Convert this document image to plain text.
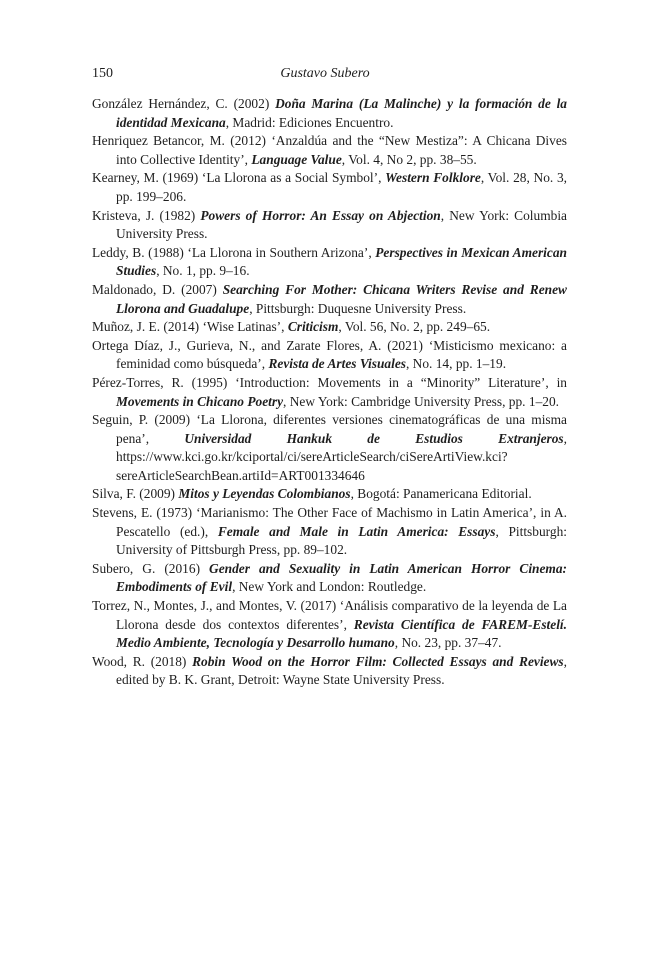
150	Gustavo Subero

González Hernández, C. (2002) Doña Marina (La Malinche) y la formación de la identidad Mexicana, Madrid: Ediciones Encuentro.

Henriquez Betancor, M. (2012) ‘Anzaldúa and the “New Mestiza”: A Chicana Dives into Collective Identity’, Language Value, Vol. 4, No 2, pp. 38–55.

Kearney, M. (1969) ‘La Llorona as a Social Symbol’, Western Folklore, Vol. 28, No. 3, pp. 199–206.

Kristeva, J. (1982) Powers of Horror: An Essay on Abjection, New York: Columbia University Press.

Leddy, B. (1988) ‘La Llorona in Southern Arizona’, Perspectives in Mexican American Studies, No. 1, pp. 9–16.

Maldonado, D. (2007) Searching For Mother: Chicana Writers Revise and Renew Llorona and Guadalupe, Pittsburgh: Duquesne University Press.

Muñoz, J. E. (2014) ‘Wise Latinas’, Criticism, Vol. 56, No. 2, pp. 249–65.

Ortega Díaz, J., Gurieva, N., and Zarate Flores, A. (2021) ‘Misticismo mexicano: a feminidad como búsqueda’, Revista de Artes Visuales, No. 14, pp. 1–19.

Pérez-Torres, R. (1995) ‘Introduction: Movements in a “Minority” Literature’, in Movements in Chicano Poetry, New York: Cambridge University Press, pp. 1–20.

Seguin, P. (2009) ‘La Llorona, diferentes versiones cinematográficas de una misma pena’, Universidad Hankuk de Estudios Extranjeros, https://www.kci.go.kr/kciportal/ci/sereArticleSearch/ciSereArtiView.kci?sereArticleSearchBean.artiId=ART001334646

Silva, F. (2009) Mitos y Leyendas Colombianos, Bogotá: Panamericana Editorial.

Stevens, E. (1973) ‘Marianismo: The Other Face of Machismo in Latin America’, in A. Pescatello (ed.), Female and Male in Latin America: Essays, Pittsburgh: University of Pittsburgh Press, pp. 89–102.

Subero, G. (2016) Gender and Sexuality in Latin American Horror Cinema: Embodiments of Evil, New York and London: Routledge.

Torrez, N., Montes, J., and Montes, V. (2017) ‘Análisis comparativo de la leyenda de La Llorona desde dos contextos diferentes’, Revista Científica de FAREM-Estelí. Medio Ambiente, Tecnología y Desarrollo humano, No. 23, pp. 37–47.

Wood, R. (2018) Robin Wood on the Horror Film: Collected Essays and Reviews, edited by B. K. Grant, Detroit: Wayne State University Press.
